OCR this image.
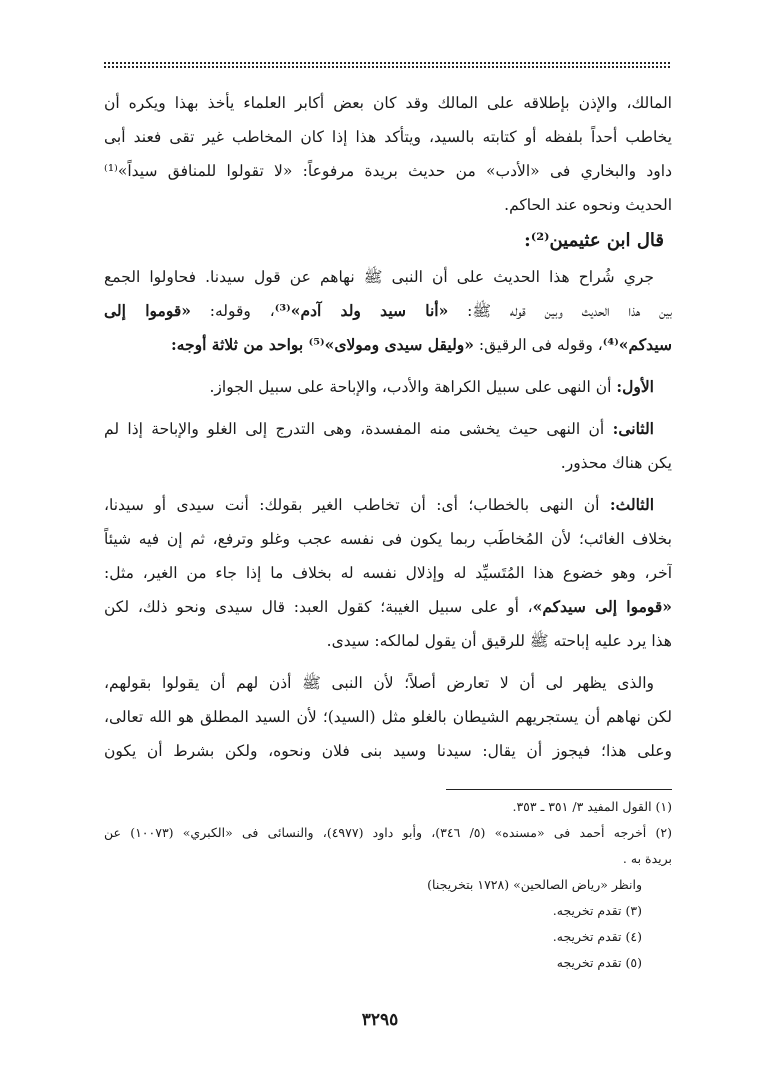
المالك، والإذن بإطلاقه على المالك وقد كان بعض أكابر العلماء يأخذ بهذا ويكره أن
يخاطب أحداً بلفظه أو كتابته بالسيد، ويتأكد هذا إذا كان المخاطب غير تقى فعند أبى
داود والبخاري فى «الأدب» من حديث بريدة مرفوعاً: «لا تقولوا للمنافق سيداً»⁽¹⁾
الحديث ونحوه عند الحاكم.
قال ابن عثيمين⁽²⁾:
جري شُراح هذا الحديث على أن النبى ﷺ نهاهم عن قول سيدنا. فحاولوا الجمع
بين هذا الحديث وبين قوله ﷺ: «أنا سيد ولد آدم»⁽³⁾، وقوله: «قوموا إلى
سيدكم»⁽⁴⁾، وقوله فى الرقيق: «وليقل سيدى ومولاى»⁽⁵⁾ بواحد من ثلاثة أوجه:
الأول: أن النهى على سبيل الكراهة والأدب، والإباحة على سبيل الجواز.
الثانى: أن النهى حيث يخشى منه المفسدة، وهى التدرج إلى الغلو والإباحة إذا لم
يكن هناك محذور.
الثالث: أن النهى بالخطاب؛ أى: أن تخاطب الغير بقولك: أنت سيدى أو سيدنا،
بخلاف الغائب؛ لأن المُخاطَب ربما يكون فى نفسه عجب وغلو وترفع، ثم إن فيه شيئاً
آخر، وهو خضوع هذا المُتَسيِّد له وإذلال نفسه له بخلاف ما إذا جاء من الغير، مثل:
«قوموا إلى سيدكم»، أو على سبيل الغيبة؛ كقول العبد: قال سيدى ونحو ذلك، لكن
هذا يرد عليه إباحته ﷺ للرقيق أن يقول لمالكه: سيدى.
والذى يظهر لى أن لا تعارض أصلاً؛ لأن النبى ﷺ أذن لهم أن يقولوا بقولهم،
لكن نهاهم أن يستجريهم الشيطان بالغلو مثل (السيد)؛ لأن السيد المطلق هو الله تعالى،
وعلى هذا؛ فيجوز أن يقال: سيدنا وسيد بنى فلان ونحوه، ولكن بشرط أن يكون
(١) القول المفيد ٣/ ٣٥١ ـ ٣٥٣.
(٢) أخرجه أحمد فى «مسنده» (٥/ ٣٤٦)، وأبو داود (٤٩٧٧)، والنسائى فى «الكبري» (١٠٠٧٣) عن
بريدة به .
وانظر «رياض الصالحين» (١٧٢٨ بتخريجنا)
(٣) تقدم تخريجه.
(٤) تقدم تخريجه.
(٥) تقدم تخريجه
٣٢٩٥
